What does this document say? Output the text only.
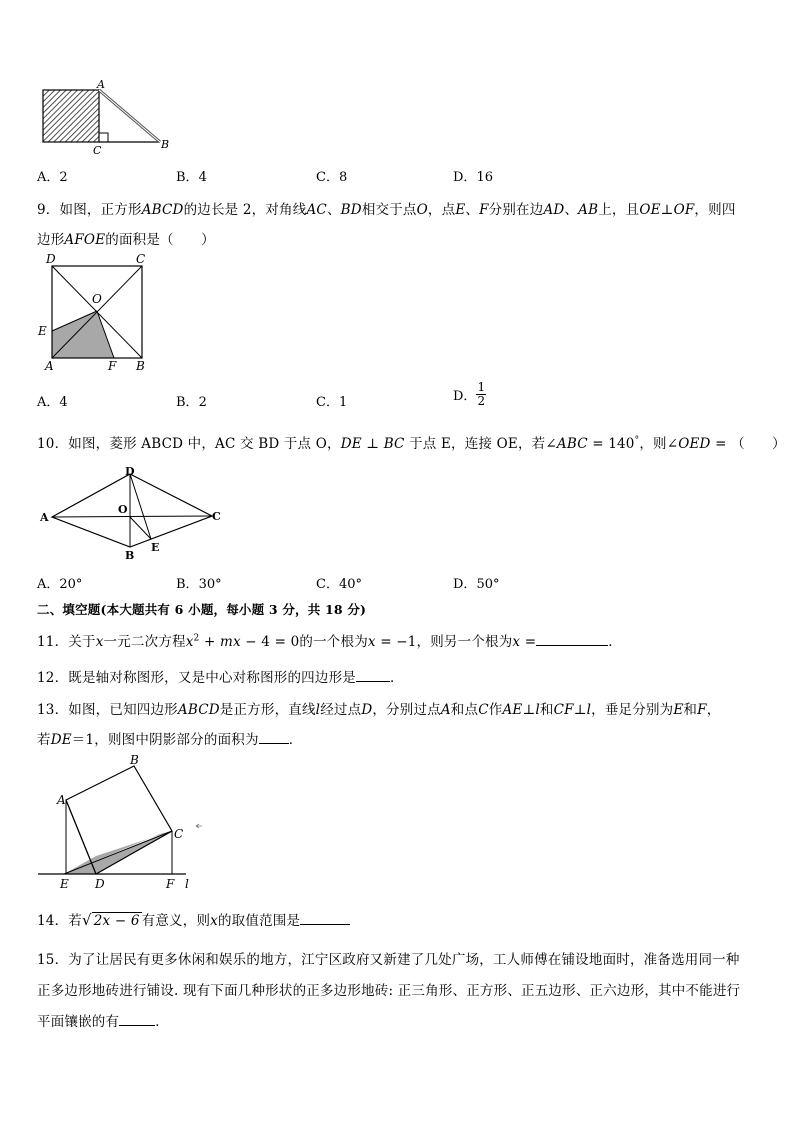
A
B
C
A．2	B．4	C．8	D．16
9．如图，正方形ABCD的边长是 2，对角线AC、BD相交于点O，点E、F分别在边AD、AB上，且OE⊥OF，则四
边形AFOE的面积是（　　）
D	C
O
E
A	F B
A．4	B．2	C．1	D． $\frac{1}{2}$
10．如图，菱形 ABCD 中，AC 交 BD 于点 O，DE ⊥ BC 于点 E，连接 OE，若∠ABC = 140°，则∠OED = （　　）
D
A
O
C
B
E
A．20°	B．30°	C．40°	D．50°
二、填空题(本大题共有 6 小题，每小题 3 分，共 18 分)
11．关于x一元二次方程$x^2$ + mx − 4 = 0的一个根为x = −1，则另一个根为x =	．
12．既是轴对称图形，又是中心对称图形的四边形是	．
13．如图，已知四边形ABCD是正方形，直线l经过点D，分别过点A和点C作AE⊥l和CF⊥l，垂足分别为E和F，
若DE＝1，则图中阴影部分的面积为 ．
B
A
C
E D	F l
14．若√ 2x − 6 有意义，则x的取值范围是
15．为了让居民有更多休闲和娱乐的地方，江宁区政府又新建了几处广场，工人师傅在铺设地面时，准备选用同一种
正多边形地砖进行铺设. 现有下面几种形状的正多边形地砖: 正三角形、正方形、正五边形、正六边形，其中不能进行
平面镶嵌的有	．
